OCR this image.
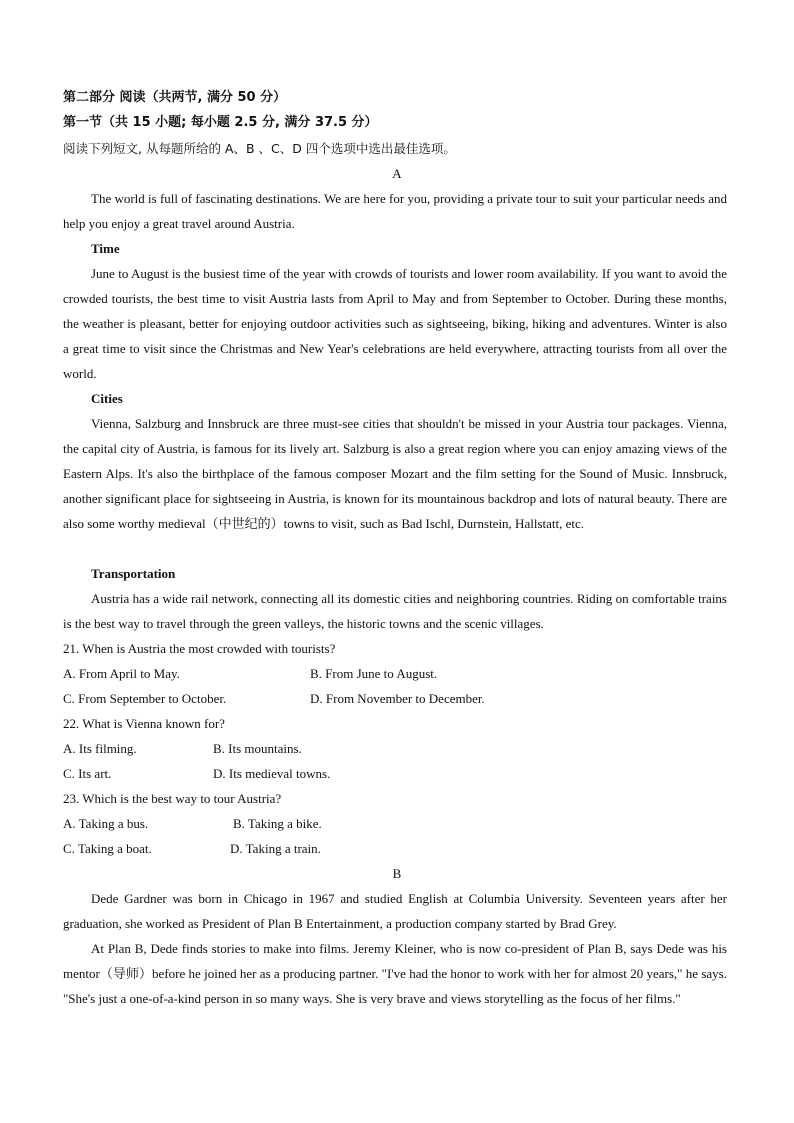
第二部分 阅读（共两节, 满分 50 分）
第一节（共 15 小题; 每小题 2.5 分, 满分 37.5 分）
阅读下列短文, 从每题所给的 A、B 、C、D 四个选项中选出最佳选项。
A
The world is full of fascinating destinations. We are here for you, providing a private tour to suit your particular needs and help you enjoy a great travel around Austria.
Time
June to August is the busiest time of the year with crowds of tourists and lower room availability. If you want to avoid the crowded tourists, the best time to visit Austria lasts from April to May and from September to October. During these months, the weather is pleasant, better for enjoying outdoor activities such as sightseeing, biking, hiking and adventures. Winter is also a great time to visit since the Christmas and New Year's celebrations are held everywhere, attracting tourists from all over the world.
Cities
Vienna, Salzburg and Innsbruck are three must-see cities that shouldn't be missed in your Austria tour packages. Vienna, the capital city of Austria, is famous for its lively art. Salzburg is also a great region where you can enjoy amazing views of the Eastern Alps. It's also the birthplace of the famous composer Mozart and the film setting for the Sound of Music. Innsbruck, another significant place for sightseeing in Austria, is known for its mountainous backdrop and lots of natural beauty. There are also some worthy medieval（中世纪的）towns to visit, such as Bad Ischl, Durnstein, Hallstatt, etc.
Transportation
Austria has a wide rail network, connecting all its domestic cities and neighboring countries. Riding on comfortable trains is the best way to travel through the green valleys, the historic towns and the scenic villages.
21. When is Austria the most crowded with tourists?
A. From April to May.	B. From June to August.
C. From September to October.	D. From November to December.
22. What is Vienna known for?
A. Its filming.	B. Its mountains.
C. Its art.	D. Its medieval towns.
23. Which is the best way to tour Austria?
A. Taking a bus.	B. Taking a bike.
C. Taking a boat.	D. Taking a train.
B
Dede Gardner was born in Chicago in 1967 and studied English at Columbia University. Seventeen years after her graduation, she worked as President of Plan B Entertainment, a production company started by Brad Grey.
At Plan B, Dede finds stories to make into films. Jeremy Kleiner, who is now co-president of Plan B, says Dede was his mentor（导师）before he joined her as a producing partner. "I've had the honor to work with her for almost 20 years," he says. "She's just a one-of-a-kind person in so many ways. She is very brave and views storytelling as the focus of her films."
